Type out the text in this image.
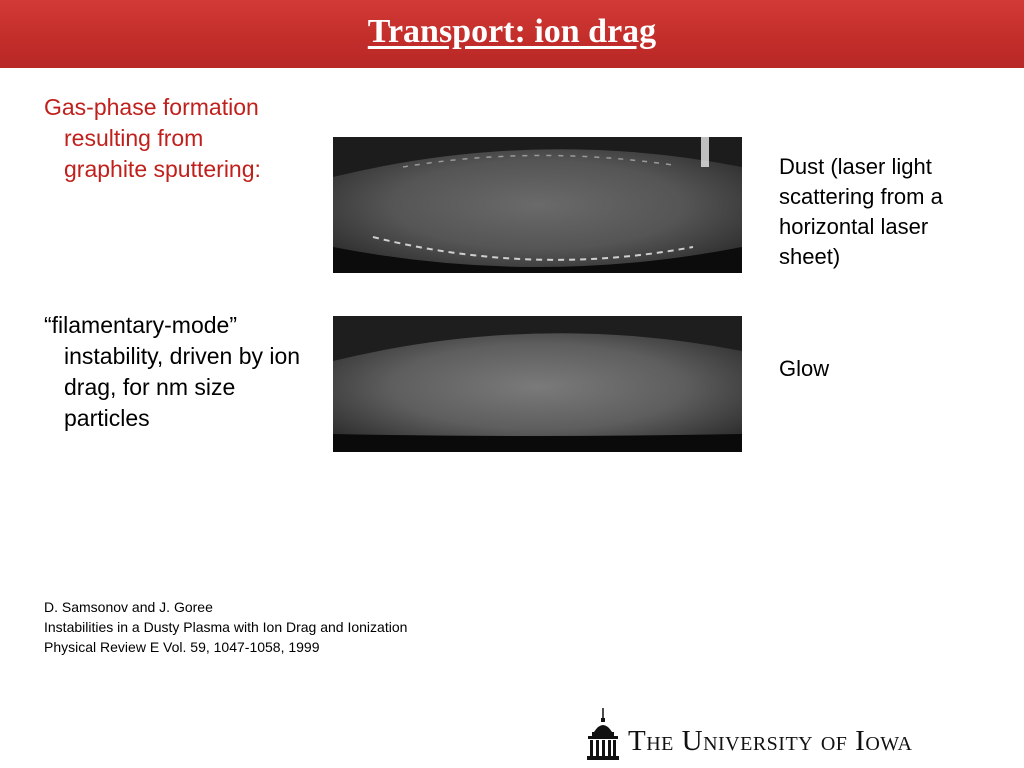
Transport: ion drag
Gas-phase formation resulting from graphite sputtering:
“filamentary-mode” instability, driven by ion drag, for nm size particles
Dust (laser light scattering from a horizontal laser sheet)
Glow
D. Samsonov and J. Goree
Instabilities in a Dusty Plasma with Ion Drag and Ionization
Physical Review E Vol. 59, 1047-1058, 1999
The University of Iowa
